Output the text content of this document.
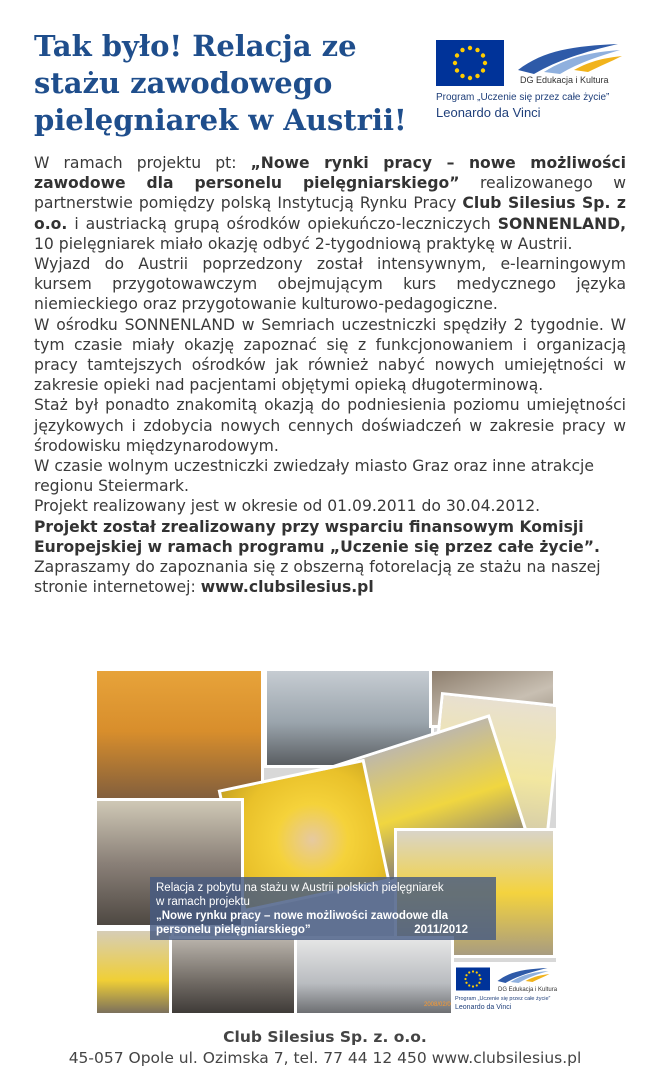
Tak było! Relacja ze stażu zawodowego pielęgniarek w Austrii!
DG Edukacja i Kultura
Program „Uczenie się przez całe życie”
Leonardo da Vinci

W ramach projektu pt: „Nowe rynki pracy – nowe możliwości zawodowe dla personelu pielęgniarskiego” realizowanego w partnerstwie pomiędzy polską Instytucją Rynku Pracy Club Silesius Sp. z o.o. i austriacką grupą ośrodków opiekuńczo-leczniczych SONNENLAND, 10 pielęgniarek miało okazję odbyć 2-tygodniową praktykę w Austrii.

Wyjazd do Austrii poprzedzony został intensywnym, e-learningowym kursem przygotowawczym obejmującym kurs medycznego języka niemieckiego oraz przygotowanie kulturowo-pedagogiczne.

W ośrodku SONNENLAND w Semriach uczestniczki spędziły 2 tygodnie. W tym czasie miały okazję zapoznać się z funkcjonowaniem i organizacją pracy tamtejszych ośrodków jak również nabyć nowych umiejętności w zakresie opieki nad pacjentami objętymi opieką długoterminową.

Staż był ponadto znakomitą okazją do podniesienia poziomu umiejętności językowych i zdobycia nowych cennych doświadczeń w zakresie pracy w środowisku międzynarodowym.

W czasie wolnym uczestniczki zwiedzały miasto Graz oraz inne atrakcje regionu Steiermark.

Projekt realizowany jest w okresie od 01.09.2011 do 30.04.2012.

Projekt został zrealizowany przy wsparciu finansowym Komisji Europejskiej w ramach programu „Uczenie się przez całe życie”.

Zapraszamy do zapoznania się z obszerną fotorelacją ze stażu na naszej stronie internetowej: www.clubsilesius.pl

2008/02/0
Relacja z pobytu na stażu w Austrii polskich pielęgniarek
w ramach projektu
„Nowe rynku pracy – nowe możliwości zawodowe dla personelu pielęgniarskiego”	2011/2012
DG Edukacja i Kultura
Program „Uczenie się przez całe życie”
Leonardo da Vinci
Club Silesius Sp. z. o.o.
45-057 Opole ul. Ozimska 7, tel. 77 44 12 450 www.clubsilesius.pl
